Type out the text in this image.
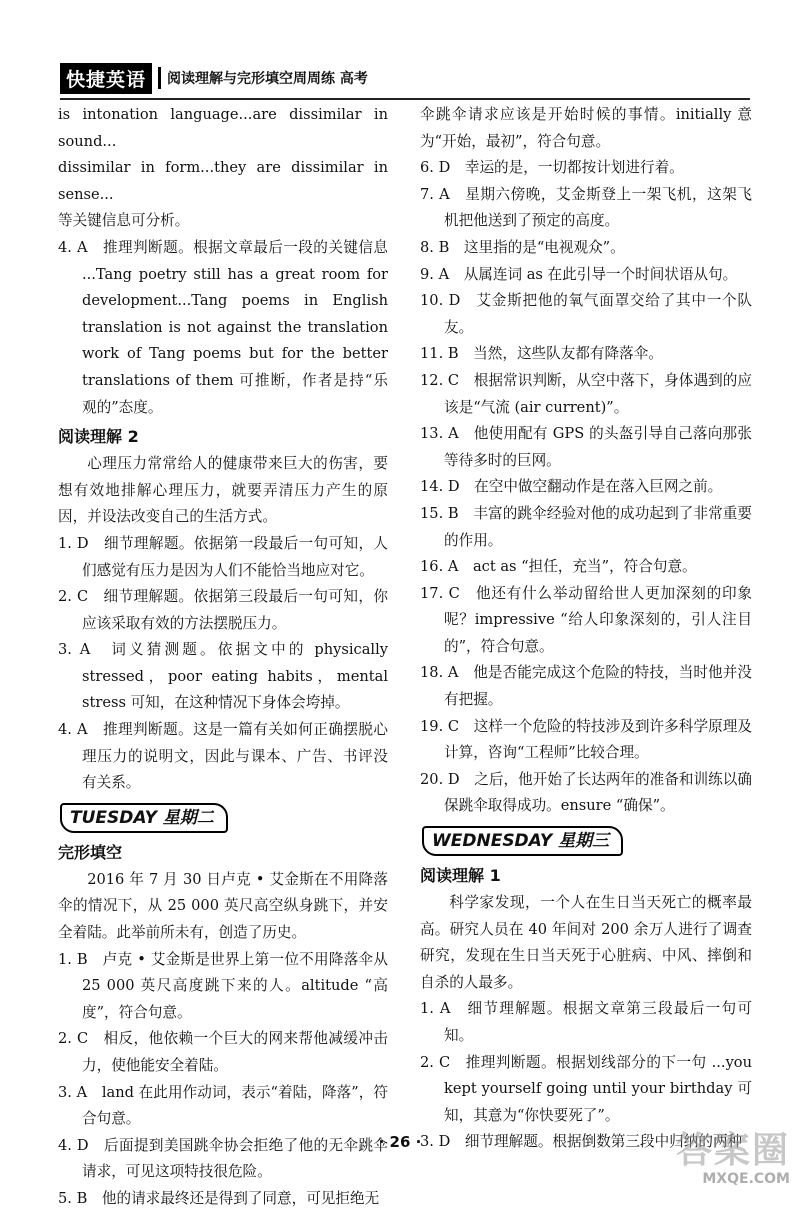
快捷英语	阅读理解与完形填空周周练 高考

is intonation language...are dissimilar in sound...

dissimilar in form...they are dissimilar in sense...

等关键信息可分析。

4. A　推理判断题。根据文章最后一段的关键信息 ...Tang poetry still has a great room for development...Tang poems in English translation is not against the translation work of Tang poems but for the better translations of them 可推断，作者是持“乐观的”态度。

阅读理解 2

心理压力常常给人的健康带来巨大的伤害，要想有效地排解心理压力，就要弄清压力产生的原因，并设法改变自己的生活方式。

1. D　细节理解题。依据第一段最后一句可知，人们感觉有压力是因为人们不能恰当地应对它。

2. C　细节理解题。依据第三段最后一句可知，你应该采取有效的方法摆脱压力。

3. A　词义猜测题。依据文中的 physically stressed，poor eating habits，mental stress 可知，在这种情况下身体会垮掉。

4. A　推理判断题。这是一篇有关如何正确摆脱心理压力的说明文，因此与课本、广告、书评没有关系。

TUESDAY 星期二
完形填空

2016 年 7 月 30 日卢克 • 艾金斯在不用降落伞的情况下，从 25 000 英尺高空纵身跳下，并安全着陆。此举前所未有，创造了历史。

1. B　卢克 • 艾金斯是世界上第一位不用降落伞从 25 000 英尺高度跳下来的人。altitude “高度”，符合句意。

2. C　相反，他依赖一个巨大的网来帮他减缓冲击力，使他能安全着陆。

3. A　land 在此用作动词，表示“着陆，降落”，符合句意。

4. D　后面提到美国跳伞协会拒绝了他的无伞跳伞请求，可见这项特技很危险。

5. B　他的请求最终还是得到了同意，可见拒绝无

伞跳伞请求应该是开始时候的事情。initially 意为“开始，最初”，符合句意。

6. D　幸运的是，一切都按计划进行着。

7. A　星期六傍晚，艾金斯登上一架飞机，这架飞机把他送到了预定的高度。

8. B　这里指的是“电视观众”。

9. A　从属连词 as 在此引导一个时间状语从句。

10. D　艾金斯把他的氧气面罩交给了其中一个队友。

11. B　当然，这些队友都有降落伞。

12. C　根据常识判断，从空中落下，身体遇到的应该是“气流 (air current)”。

13. A　他使用配有 GPS 的头盔引导自己落向那张等待多时的巨网。

14. D　在空中做空翻动作是在落入巨网之前。

15. B　丰富的跳伞经验对他的成功起到了非常重要的作用。

16. A　act as “担任，充当”，符合句意。

17. C　他还有什么举动留给世人更加深刻的印象呢？impressive “给人印象深刻的，引人注目的”，符合句意。

18. A　他是否能完成这个危险的特技，当时他并没有把握。

19. C　这样一个危险的特技涉及到许多科学原理及计算，咨询“工程师”比较合理。

20. D　之后，他开始了长达两年的准备和训练以确保跳伞取得成功。ensure “确保”。

WEDNESDAY 星期三
阅读理解 1

科学家发现，一个人在生日当天死亡的概率最高。研究人员在 40 年间对 200 余万人进行了调查研究，发现在生日当天死于心脏病、中风、摔倒和自杀的人最多。

1. A　细节理解题。根据文章第三段最后一句可知。

2. C　推理判断题。根据划线部分的下一句 ...you kept yourself going until your birthday 可知，其意为“你快要死了”。

3. D　细节理解题。根据倒数第三段中归纳的两种

· 26 ·	答案圈
MXQE.COM
